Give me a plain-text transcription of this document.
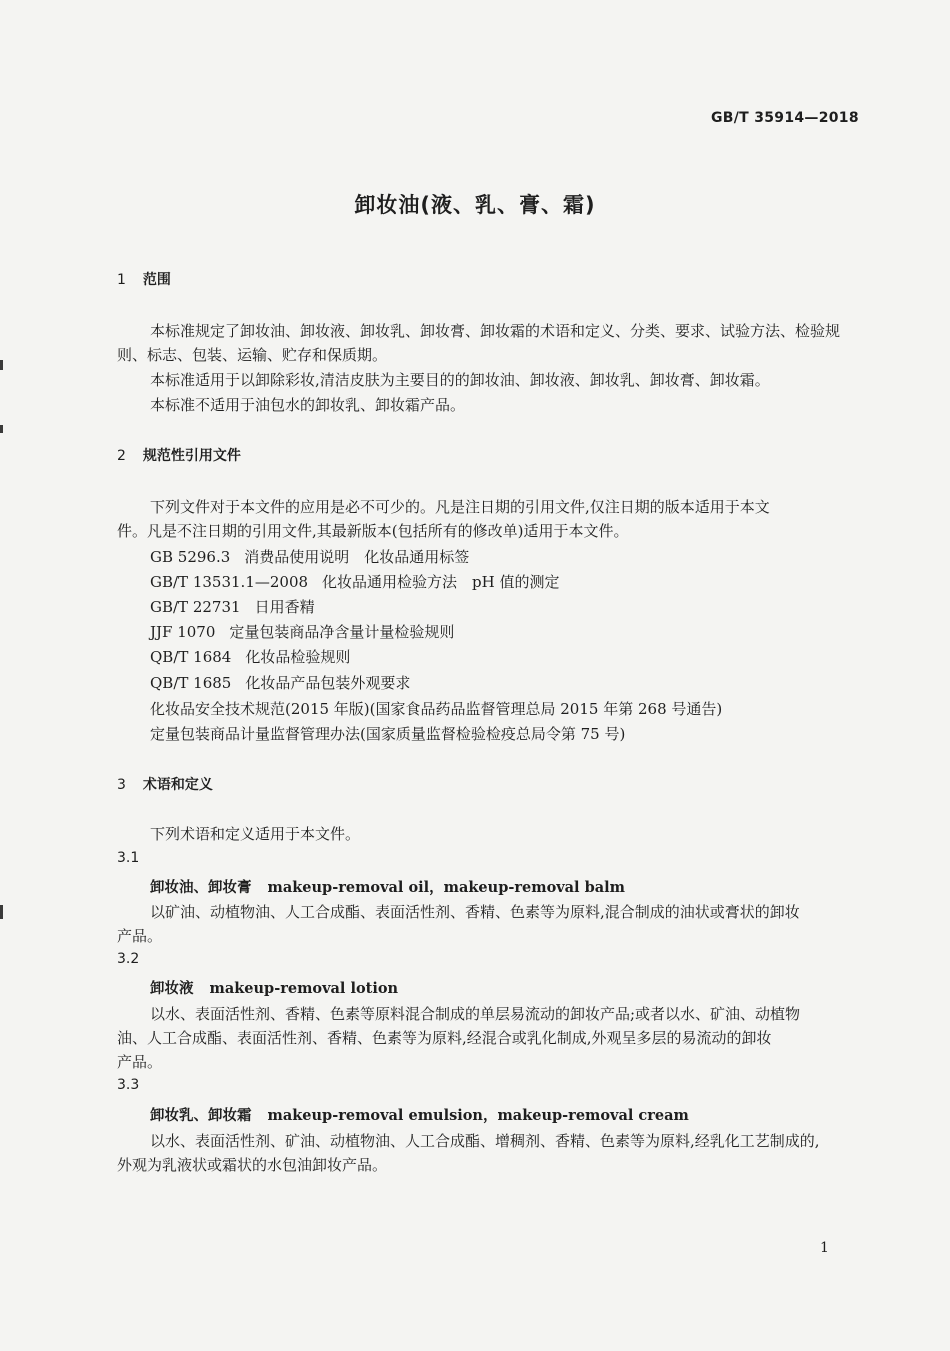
GB/T 35914—2018
卸妆油(液、乳、膏、霜)
1 范围
本标准规定了卸妆油、卸妆液、卸妆乳、卸妆膏、卸妆霜的术语和定义、分类、要求、试验方法、检验规
则、标志、包装、运输、贮存和保质期。
本标准适用于以卸除彩妆,清洁皮肤为主要目的的卸妆油、卸妆液、卸妆乳、卸妆膏、卸妆霜。
本标准不适用于油包水的卸妆乳、卸妆霜产品。
2 规范性引用文件
下列文件对于本文件的应用是必不可少的。凡是注日期的引用文件,仅注日期的版本适用于本文
件。凡是不注日期的引用文件,其最新版本(包括所有的修改单)适用于本文件。
GB 5296.3 消费品使用说明　化妆品通用标签
GB/T 13531.1—2008 化妆品通用检验方法　pH 值的测定
GB/T 22731 日用香精
JJF 1070 定量包装商品净含量计量检验规则
QB/T 1684 化妆品检验规则
QB/T 1685 化妆品产品包装外观要求
化妆品安全技术规范(2015 年版)(国家食品药品监督管理总局 2015 年第 268 号通告)
定量包装商品计量监督管理办法(国家质量监督检验检疫总局令第 75 号)
3 术语和定义
下列术语和定义适用于本文件。
3.1
卸妆油、卸妆膏 makeup-removal oil，makeup-removal balm
以矿油、动植物油、人工合成酯、表面活性剂、香精、色素等为原料,混合制成的油状或膏状的卸妆
产品。
3.2
卸妆液 makeup-removal lotion
以水、表面活性剂、香精、色素等原料混合制成的单层易流动的卸妆产品;或者以水、矿油、动植物
油、人工合成酯、表面活性剂、香精、色素等为原料,经混合或乳化制成,外观呈多层的易流动的卸妆
产品。
3.3
卸妆乳、卸妆霜 makeup-removal emulsion，makeup-removal cream
以水、表面活性剂、矿油、动植物油、人工合成酯、增稠剂、香精、色素等为原料,经乳化工艺制成的,
外观为乳液状或霜状的水包油卸妆产品。
1
